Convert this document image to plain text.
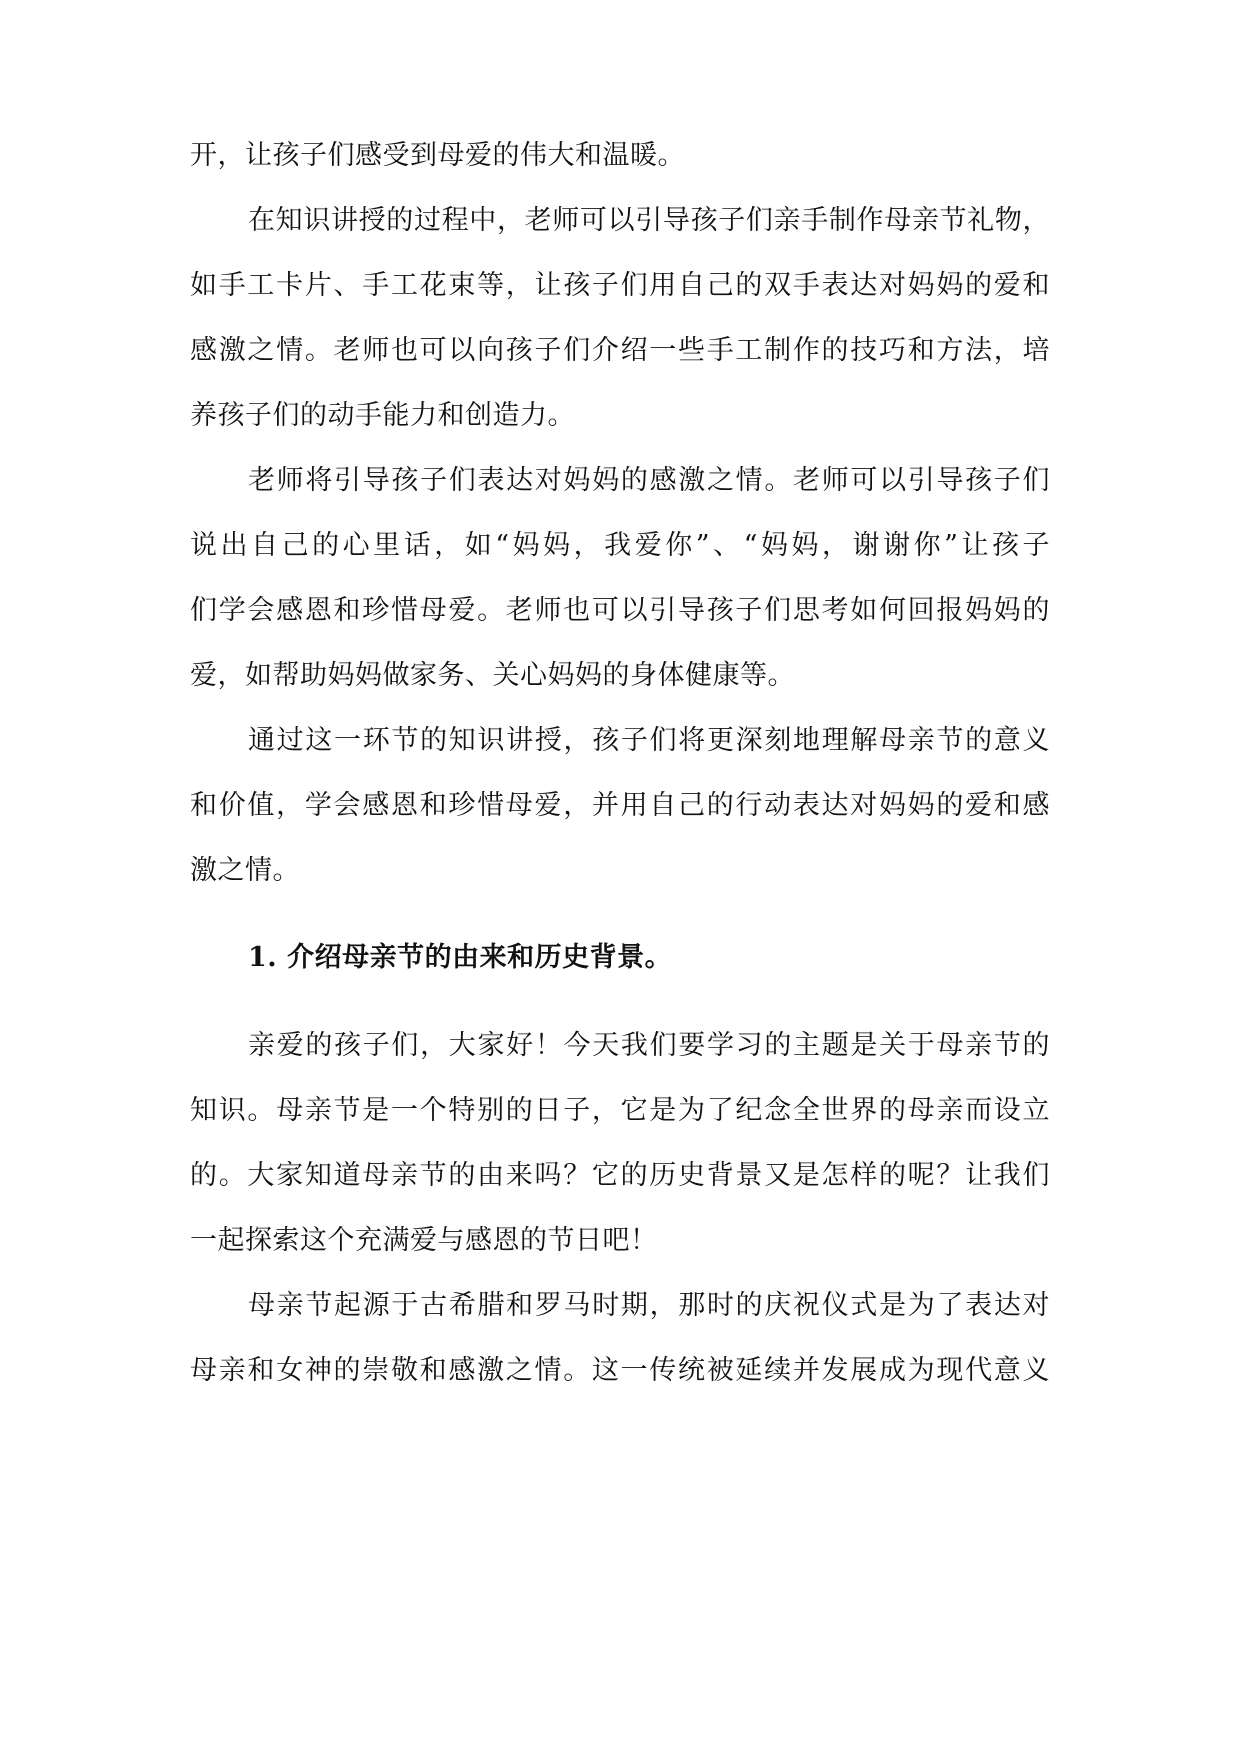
开，让孩子们感受到母爱的伟大和温暖。
在知识讲授的过程中，老师可以引导孩子们亲手制作母亲节礼物，
如手工卡片、手工花束等，让孩子们用自己的双手表达对妈妈的爱和
感激之情。老师也可以向孩子们介绍一些手工制作的技巧和方法，培
养孩子们的动手能力和创造力。
老师将引导孩子们表达对妈妈的感激之情。老师可以引导孩子们
说出自己的心里话，如“妈妈，我爱你”、“妈妈，谢谢你”让孩子
们学会感恩和珍惜母爱。老师也可以引导孩子们思考如何回报妈妈的
爱，如帮助妈妈做家务、关心妈妈的身体健康等。
通过这一环节的知识讲授，孩子们将更深刻地理解母亲节的意义
和价值，学会感恩和珍惜母爱，并用自己的行动表达对妈妈的爱和感
激之情。
1. 介绍母亲节的由来和历史背景。
亲爱的孩子们，大家好！今天我们要学习的主题是关于母亲节的
知识。母亲节是一个特别的日子，它是为了纪念全世界的母亲而设立
的。大家知道母亲节的由来吗？它的历史背景又是怎样的呢？让我们
一起探索这个充满爱与感恩的节日吧！
母亲节起源于古希腊和罗马时期，那时的庆祝仪式是为了表达对
母亲和女神的崇敬和感激之情。这一传统被延续并发展成为现代意义
